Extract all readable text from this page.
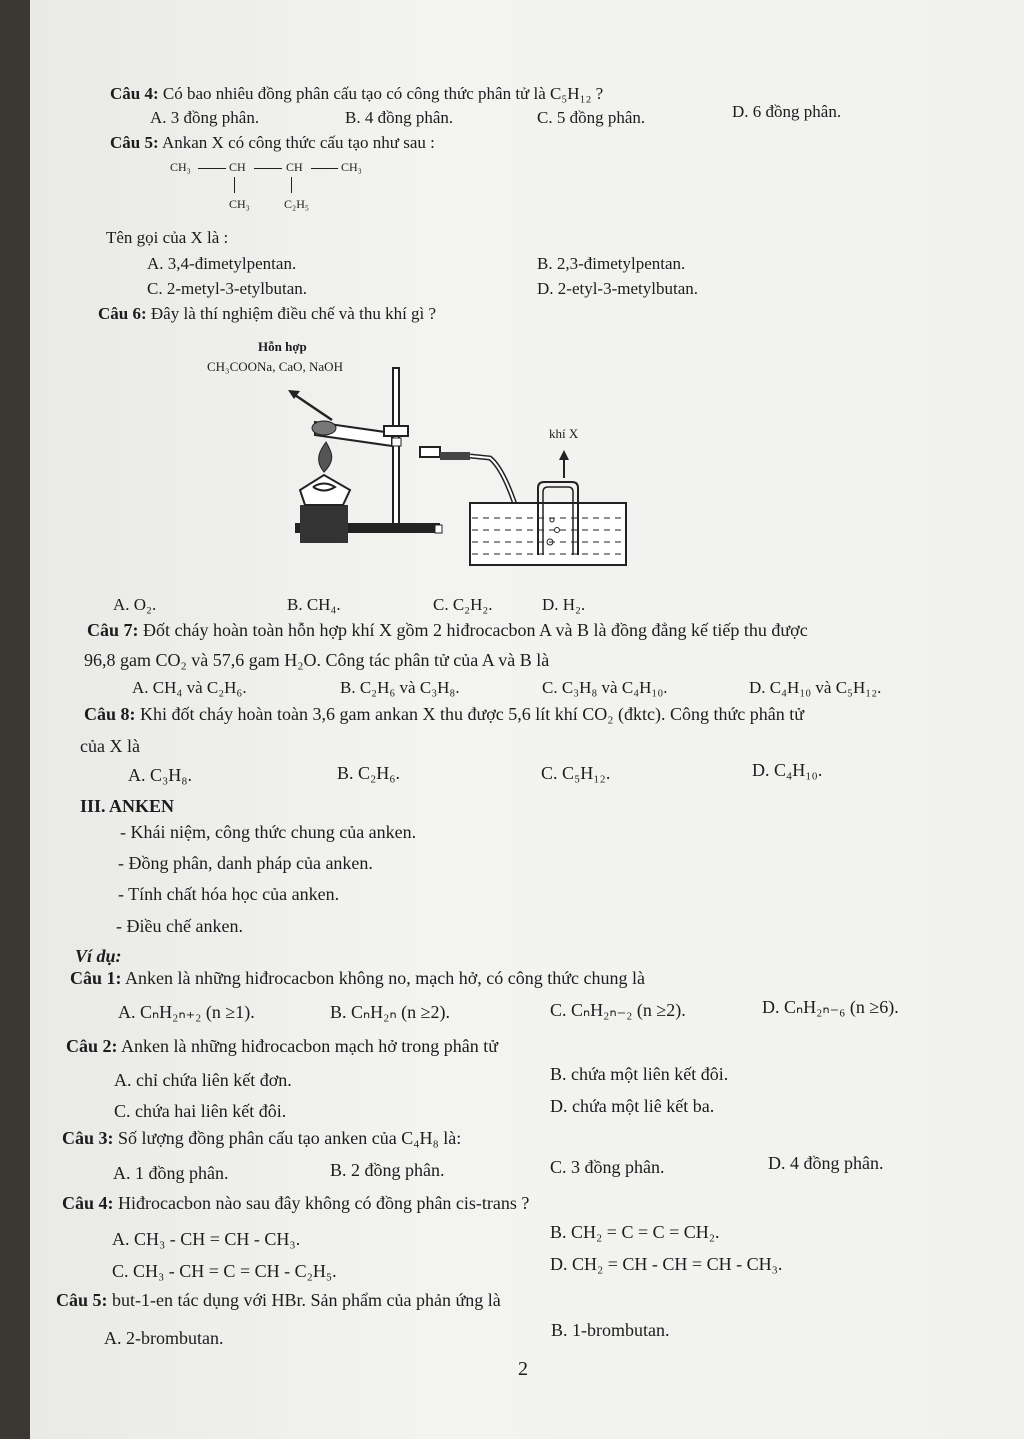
Câu 4: Có bao nhiêu đồng phân cấu tạo có công thức phân tử là C₅H₁₂ ?
A. 3 đồng phân.	B. 4 đồng phân.	C. 5 đồng phân.	D. 6 đồng phân.
Câu 5: Ankan X có công thức cấu tạo như sau :
CH₃	CH	CH	CH₃
CH₃	C₂H₅
Tên gọi của X là :
A. 3,4-đimetylpentan.	B. 2,3-đimetylpentan.
C. 2-metyl-3-etylbutan.	D. 2-etyl-3-metylbutan.
Câu 6: Đây là thí nghiệm điều chế và thu khí gì ?
Hỗn hợp
CH₃COONa, CaO, NaOH
khí X
A. O₂.	B. CH₄.	C. C₂H₂.	D. H₂.
Câu 7: Đốt cháy hoàn toàn hỗn hợp khí X gồm 2 hiđrocacbon A và B là đồng đẳng kế tiếp thu được
96,8 gam CO₂ và 57,6 gam H₂O. Công tác phân tử của A và B là
A. CH₄ và C₂H₆.	B. C₂H₆ và C₃H₈.	C. C₃H₈ và C₄H₁₀.	D. C₄H₁₀ và C₅H₁₂.
Câu 8: Khi đốt cháy hoàn toàn 3,6 gam ankan X thu được 5,6 lít khí CO₂ (đktc). Công thức phân tử
của X là
A. C₃H₈.	B. C₂H₆.	C. C₅H₁₂.	D. C₄H₁₀.
III. ANKEN
- Khái niệm, công thức chung của anken.
- Đồng phân, danh pháp của anken.
- Tính chất hóa học của anken.
- Điều chế anken.
Ví dụ:
Câu 1: Anken là những hiđrocacbon không no, mạch hở, có công thức chung là
A. CₙH₂ₙ₊₂ (n ≥1).	B. CₙH₂ₙ (n ≥2).	C. CₙH₂ₙ₋₂ (n ≥2).	D. CₙH₂ₙ₋₆ (n ≥6).
Câu 2: Anken là những hiđrocacbon mạch hở trong phân tử
A. chỉ chứa liên kết đơn.	B. chứa một liên kết đôi.
C. chứa hai liên kết đôi.	D. chứa một liê kết ba.
Câu 3: Số lượng đồng phân cấu tạo anken của C₄H₈ là:
A. 1 đồng phân.	B. 2 đồng phân.	C. 3 đồng phân.	D. 4 đồng phân.
Câu 4: Hiđrocacbon nào sau đây không có đồng phân cis-trans ?
A. CH₃ - CH = CH - CH₃.	B. CH₂ = C = C = CH₂.
C. CH₃ - CH = C = CH - C₂H₅.	D. CH₂ = CH - CH = CH - CH₃.
Câu 5: but-1-en tác dụng với HBr. Sản phẩm của phản ứng là
A. 2-brombutan.	B. 1-brombutan.
2
